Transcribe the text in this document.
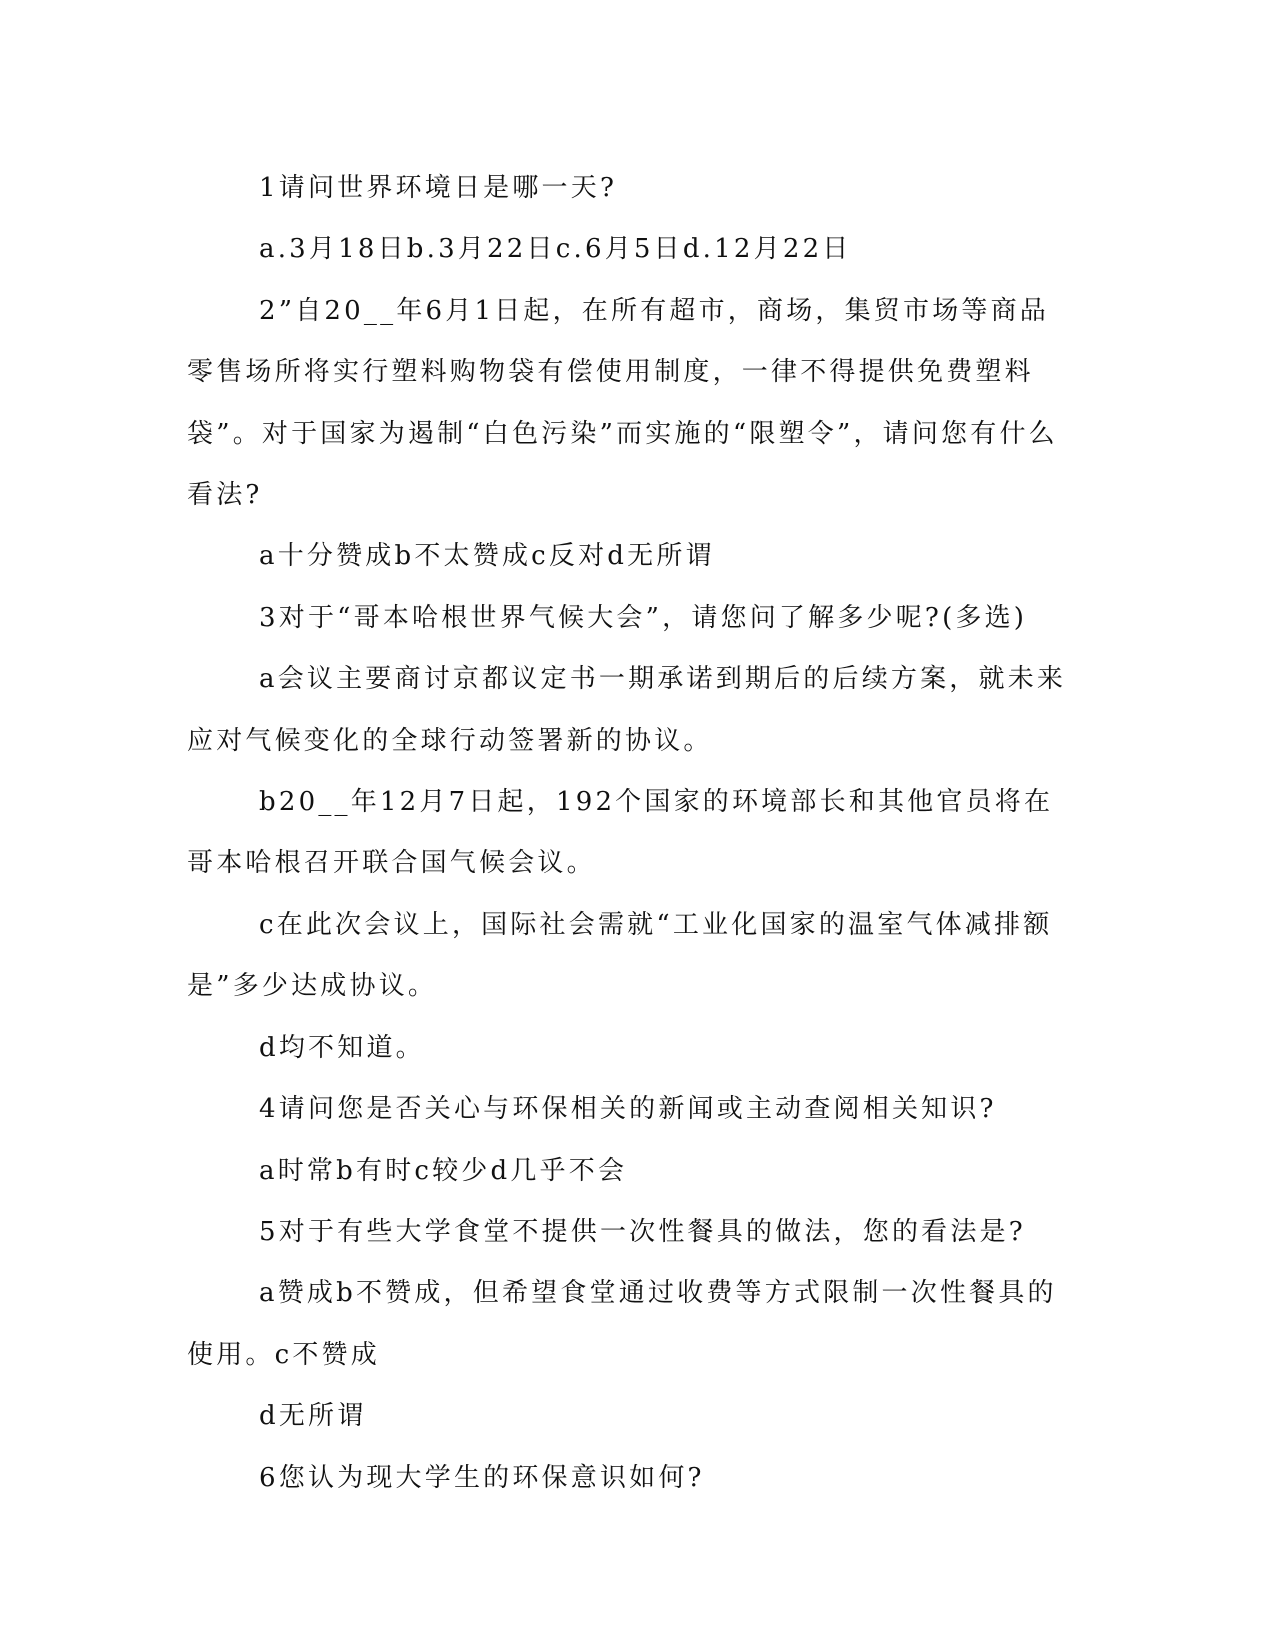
1请问世界环境日是哪一天?

a.3月18日b.3月22日c.6月5日d.12月22日

2”自20__年6月1日起，在所有超市，商场，集贸市场等商品零售场所将实行塑料购物袋有偿使用制度，一律不得提供免费塑料袋”。对于国家为遏制“白色污染”而实施的“限塑令”，请问您有什么看法?

a十分赞成b不太赞成c反对d无所谓

3对于“哥本哈根世界气候大会”，请您问了解多少呢?(多选)

a会议主要商讨京都议定书一期承诺到期后的后续方案，就未来应对气候变化的全球行动签署新的协议。

b20__年12月7日起，192个国家的环境部长和其他官员将在哥本哈根召开联合国气候会议。

c在此次会议上，国际社会需就“工业化国家的温室气体减排额是”多少达成协议。

d均不知道。

4请问您是否关心与环保相关的新闻或主动查阅相关知识?

a时常b有时c较少d几乎不会

5对于有些大学食堂不提供一次性餐具的做法，您的看法是?

a赞成b不赞成，但希望食堂通过收费等方式限制一次性餐具的使用。c不赞成

d无所谓

6您认为现大学生的环保意识如何?
